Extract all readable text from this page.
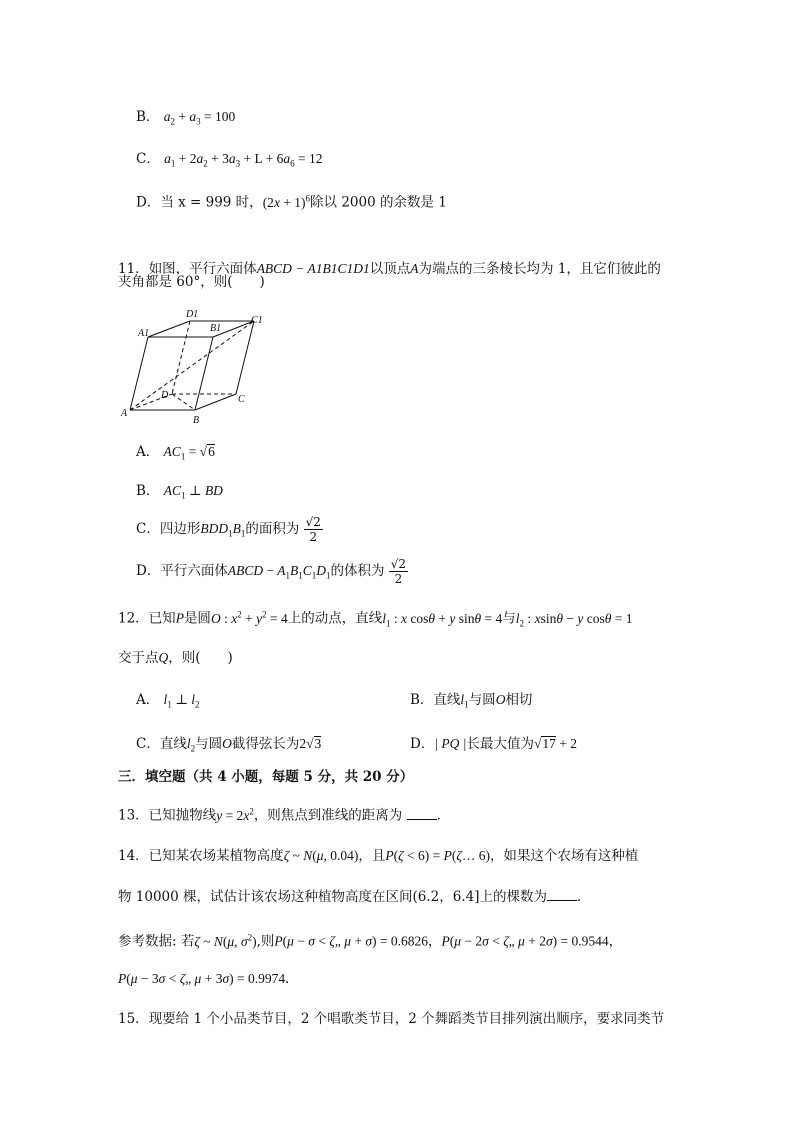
B． $a_2 + a_3 = 100$
C． $a_1 + 2a_2 + 3a_3 + L + 6a_6 = 12$
D．当 x = 999 时，$(2x + 1)^6$除以 2000 的余数是 1
11．如图，平行六面体ABCD − A1B1C1D1以顶点A为端点的三条棱长均为 1，且它们彼此的
夹角都是 60°，则(　　)
D1
B1
C1
A1
D	C
A
B
A． $AC_1 = √6$
B． $AC_1$ ⊥ BD
C．四边形$BDD_1B_1$的面积为 $\frac{√2}{2}$
D．平行六面体ABCD − $A_1B_1C_1D_1$的体积为 $\frac{√2}{2}$
12．已知P是圆O : $x^2 + y^2 = 4$上的动点，直线$l_1$ : x cosθ + y sinθ = 4与$l_2$ : xsinθ − y cosθ = 1
交于点Q，则(　　)
A． $l_1$ ⊥ $l_2$	B．直线$l_1$与圆O相切
C．直线$l_2$与圆O截得弦长为2√3	D．| PQ |长最大值为√17 + 2
三．填空题（共 4 小题，每题 5 分，共 20 分）
13．已知抛物线$y = 2x^2$，则焦点到准线的距离为	．
14．已知某农场某植物高度ζ ~ N(μ, 0.04)，且P(ζ < 6) = P(ζ… 6)，如果这个农场有这种植
物 10000 棵，试估计该农场这种植物高度在区间(6.2，6.4]上的棵数为 ．
参考数据: 若ζ ~ N(μ, $\sigma^2$),则P(μ − σ < ζ„ μ + σ) = 0.6826，P(μ − 2σ < ζ„ μ + 2σ) = 0.9544，
P(μ − 3σ < ζ„ μ + 3σ) = 0.9974．
15．现要给 1 个小品类节目，2 个唱歌类节目，2 个舞蹈类节目排列演出顺序，要求同类节
